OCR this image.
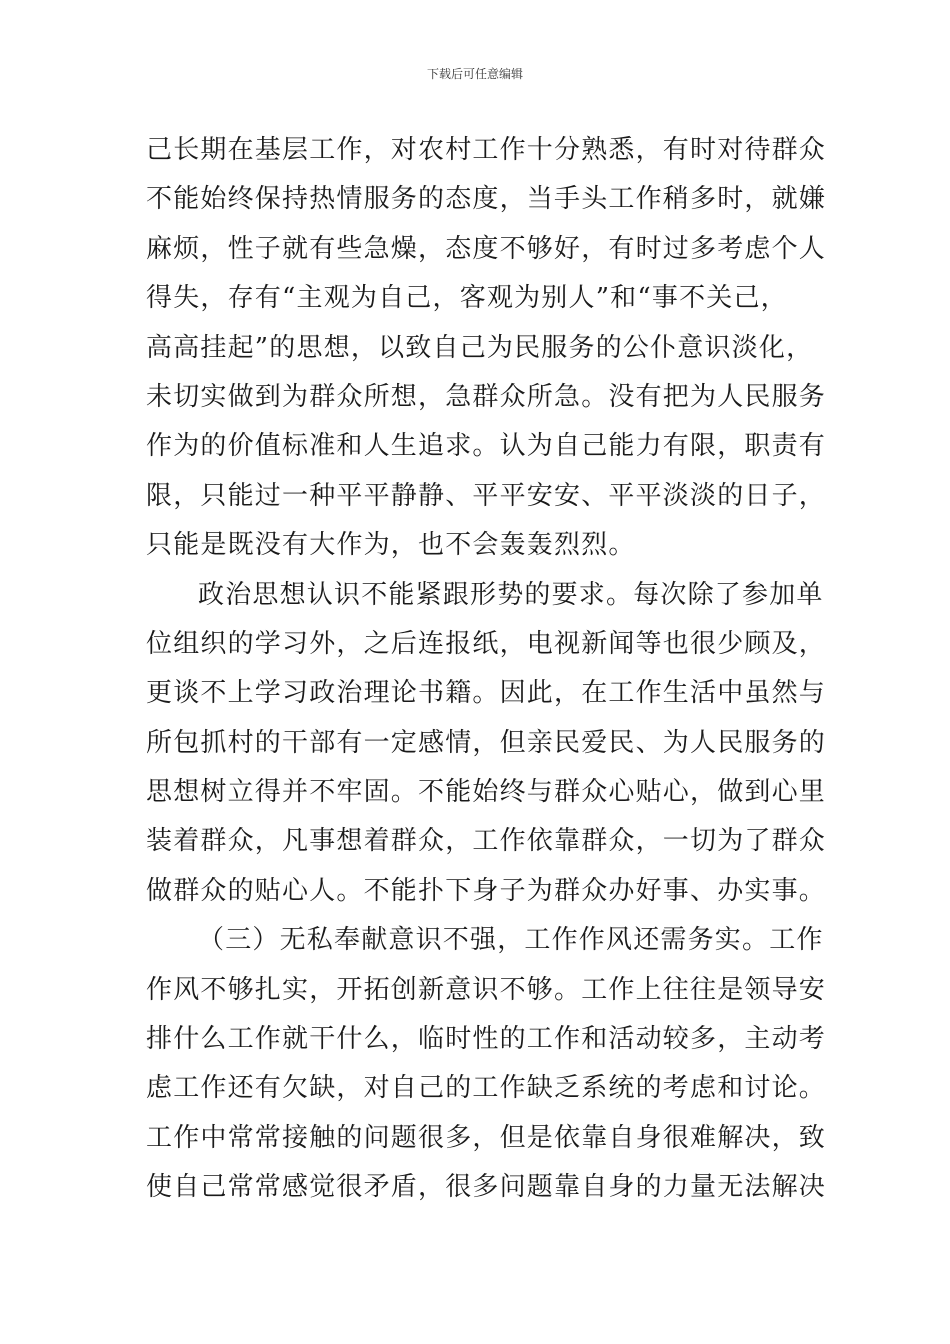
下载后可任意编辑
己长期在基层工作，对农村工作十分熟悉，有时对待群众
不能始终保持热情服务的态度，当手头工作稍多时，就嫌
麻烦，性子就有些急燥，态度不够好，有时过多考虑个人
得失，存有“主观为自己，客观为别人”和“事不关己，
高高挂起”的思想，以致自己为民服务的公仆意识淡化，
未切实做到为群众所想，急群众所急。没有把为人民服务
作为的价值标准和人生追求。认为自己能力有限，职责有
限，只能过一种平平静静、平平安安、平平淡淡的日子，
只能是既没有大作为，也不会轰轰烈烈。
政治思想认识不能紧跟形势的要求。每次除了参加单
位组织的学习外，之后连报纸，电视新闻等也很少顾及，
更谈不上学习政治理论书籍。因此，在工作生活中虽然与
所包抓村的干部有一定感情，但亲民爱民、为人民服务的
思想树立得并不牢固。不能始终与群众心贴心，做到心里
装着群众，凡事想着群众，工作依靠群众，一切为了群众
做群众的贴心人。不能扑下身子为群众办好事、办实事。
（三）无私奉献意识不强，工作作风还需务实。工作
作风不够扎实，开拓创新意识不够。工作上往往是领导安
排什么工作就干什么，临时性的工作和活动较多，主动考
虑工作还有欠缺，对自己的工作缺乏系统的考虑和讨论。
工作中常常接触的问题很多，但是依靠自身很难解决，致
使自己常常感觉很矛盾，很多问题靠自身的力量无法解决
